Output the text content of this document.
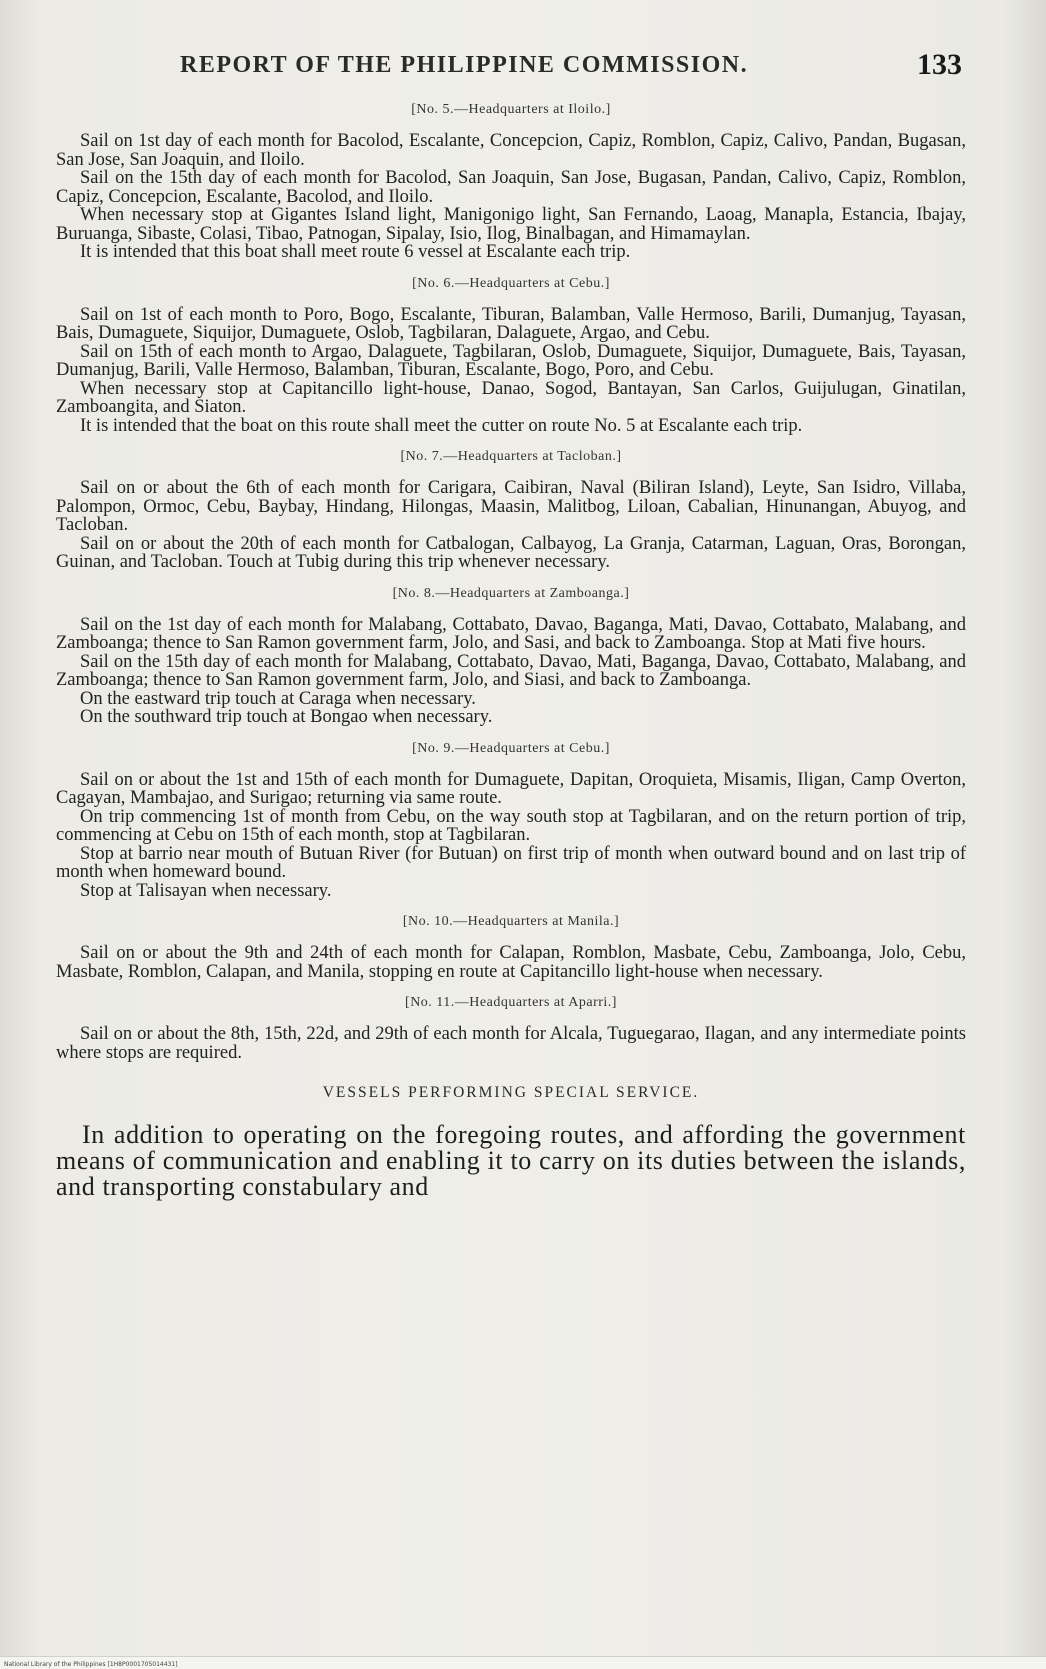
REPORT OF THE PHILIPPINE COMMISSION.	133
[No. 5.—Headquarters at Iloilo.]

Sail on 1st day of each month for Bacolod, Escalante, Concepcion, Capiz, Romblon, Capiz, Calivo, Pandan, Bugasan, San Jose, San Joaquin, and Iloilo.

Sail on the 15th day of each month for Bacolod, San Joaquin, San Jose, Bugasan, Pandan, Calivo, Capiz, Romblon, Capiz, Concepcion, Escalante, Bacolod, and Iloilo.

When necessary stop at Gigantes Island light, Manigonigo light, San Fernando, Laoag, Manapla, Estancia, Ibajay, Buruanga, Sibaste, Colasi, Tibao, Patnogan, Sipalay, Isio, Ilog, Binalbagan, and Himamaylan.

It is intended that this boat shall meet route 6 vessel at Escalante each trip.

[No. 6.—Headquarters at Cebu.]

Sail on 1st of each month to Poro, Bogo, Escalante, Tiburan, Balamban, Valle Hermoso, Barili, Dumanjug, Tayasan, Bais, Dumaguete, Siquijor, Dumaguete, Oslob, Tagbilaran, Dalaguete, Argao, and Cebu.

Sail on 15th of each month to Argao, Dalaguete, Tagbilaran, Oslob, Dumaguete, Siquijor, Dumaguete, Bais, Tayasan, Dumanjug, Barili, Valle Hermoso, Balamban, Tiburan, Escalante, Bogo, Poro, and Cebu.

When necessary stop at Capitancillo light-house, Danao, Sogod, Bantayan, San Carlos, Guijulugan, Ginatilan, Zamboangita, and Siaton.

It is intended that the boat on this route shall meet the cutter on route No. 5 at Escalante each trip.

[No. 7.—Headquarters at Tacloban.]

Sail on or about the 6th of each month for Carigara, Caibiran, Naval (Biliran Island), Leyte, San Isidro, Villaba, Palompon, Ormoc, Cebu, Baybay, Hindang, Hilongas, Maasin, Malitbog, Liloan, Cabalian, Hinunangan, Abuyog, and Tacloban.

Sail on or about the 20th of each month for Catbalogan, Calbayog, La Granja, Catarman, Laguan, Oras, Borongan, Guinan, and Tacloban. Touch at Tubig during this trip whenever necessary.

[No. 8.—Headquarters at Zamboanga.]

Sail on the 1st day of each month for Malabang, Cottabato, Davao, Baganga, Mati, Davao, Cottabato, Malabang, and Zamboanga; thence to San Ramon government farm, Jolo, and Sasi, and back to Zamboanga. Stop at Mati five hours.

Sail on the 15th day of each month for Malabang, Cottabato, Davao, Mati, Baganga, Davao, Cottabato, Malabang, and Zamboanga; thence to San Ramon government farm, Jolo, and Siasi, and back to Zamboanga.

On the eastward trip touch at Caraga when necessary.

On the southward trip touch at Bongao when necessary.

[No. 9.—Headquarters at Cebu.]

Sail on or about the 1st and 15th of each month for Dumaguete, Dapitan, Oroquieta, Misamis, Iligan, Camp Overton, Cagayan, Mambajao, and Surigao; returning via same route.

On trip commencing 1st of month from Cebu, on the way south stop at Tagbilaran, and on the return portion of trip, commencing at Cebu on 15th of each month, stop at Tagbilaran.

Stop at barrio near mouth of Butuan River (for Butuan) on first trip of month when outward bound and on last trip of month when homeward bound.

Stop at Talisayan when necessary.

[No. 10.—Headquarters at Manila.]

Sail on or about the 9th and 24th of each month for Calapan, Romblon, Masbate, Cebu, Zamboanga, Jolo, Cebu, Masbate, Romblon, Calapan, and Manila, stopping en route at Capitancillo light-house when necessary.

[No. 11.—Headquarters at Aparri.]

Sail on or about the 8th, 15th, 22d, and 29th of each month for Alcala, Tuguegarao, Ilagan, and any intermediate points where stops are required.

VESSELS PERFORMING SPECIAL SERVICE.

In addition to operating on the foregoing routes, and affording the government means of communication and enabling it to carry on its duties between the islands, and transporting constabulary and

National Library of the Philippines [1H8P0001705014431]
